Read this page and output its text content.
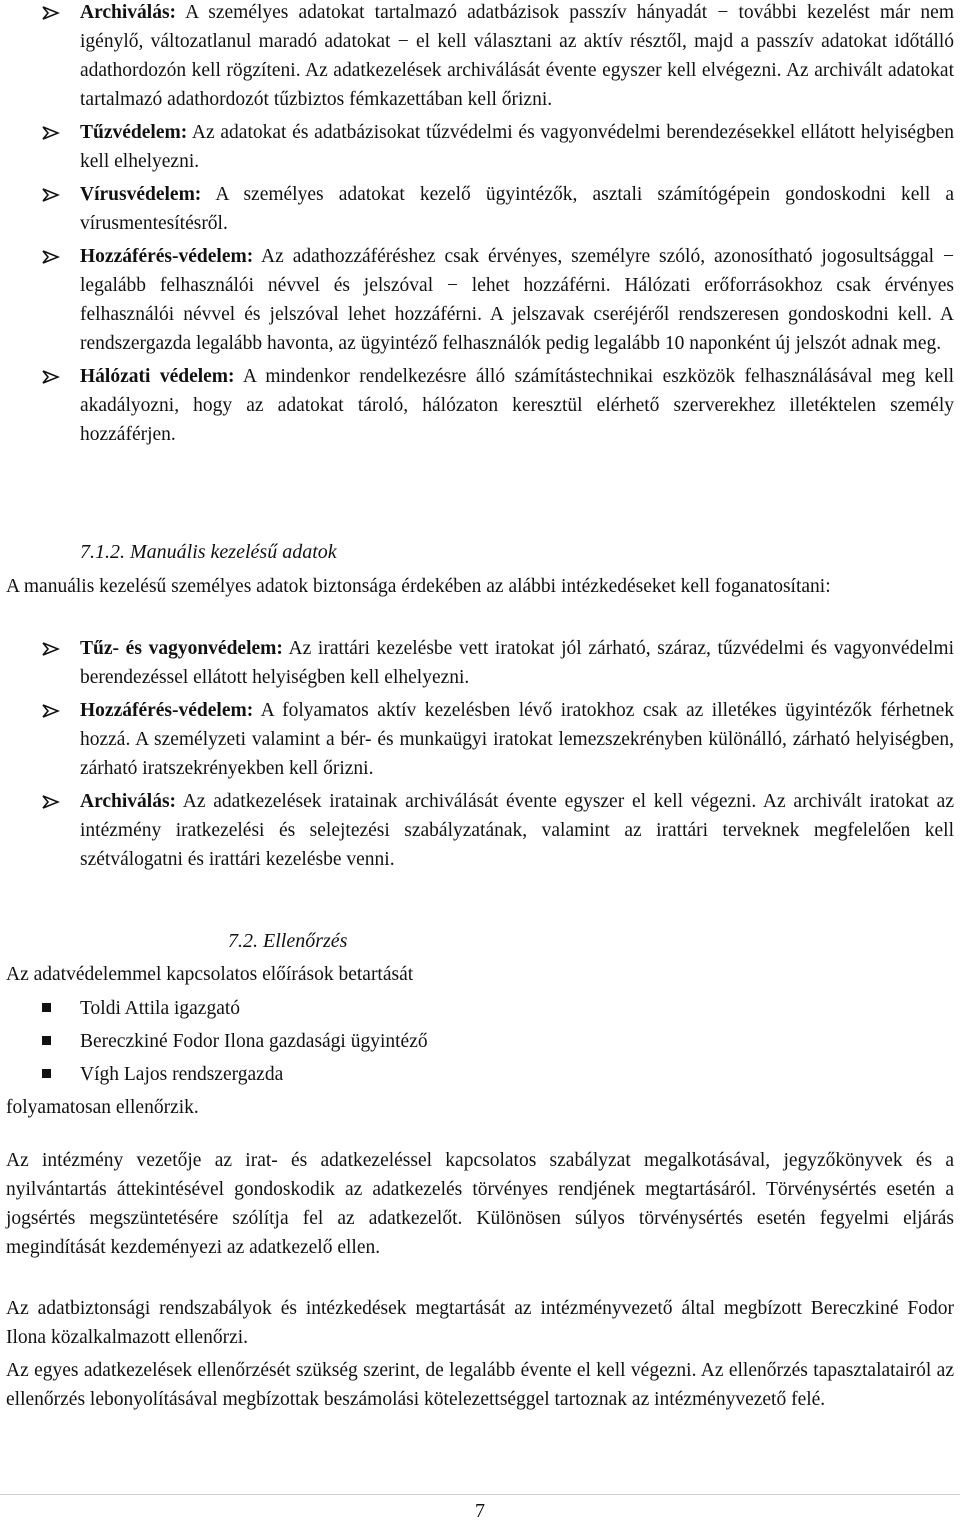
Archiválás: A személyes adatokat tartalmazó adatbázisok passzív hányadát − további kezelést már nem igénylő, változatlanul maradó adatokat − el kell választani az aktív résztől, majd a passzív adatokat időtálló adathordozón kell rögzíteni. Az adatkezelések archiválását évente egyszer kell elvégezni. Az archivált adatokat tartalmazó adathordozót tűzbiztos fémkazettában kell őrizni.
Tűzvédelem: Az adatokat és adatbázisokat tűzvédelmi és vagyonvédelmi berendezésekkel ellátott helyiségben kell elhelyezni.
Vírusvédelem: A személyes adatokat kezelő ügyintézők, asztali számítógépein gondoskodni kell a vírusmentesítésről.
Hozzáférés-védelem: Az adathozzáféréshez csak érvényes, személyre szóló, azonosítható jogosultsággal − legalább felhasználói névvel és jelszóval − lehet hozzáférni. Hálózati erőforrásokhoz csak érvényes felhasználói névvel és jelszóval lehet hozzáférni. A jelszavak cseréjéről rendszeresen gondoskodni kell. A rendszergazda legalább havonta, az ügyintéző felhasználók pedig legalább 10 naponként új jelszót adnak meg.
Hálózati védelem: A mindenkor rendelkezésre álló számítástechnikai eszközök felhasználásával meg kell akadályozni, hogy az adatokat tároló, hálózaton keresztül elérhető szerverekhez illetéktelen személy hozzáférjen.
7.1.2. Manuális kezelésű adatok
A manuális kezelésű személyes adatok biztonsága érdekében az alábbi intézkedéseket kell foganatosítani:
Tűz- és vagyonvédelem: Az irattári kezelésbe vett iratokat jól zárható, száraz, tűzvédelmi és vagyonvédelmi berendezéssel ellátott helyiségben kell elhelyezni.
Hozzáférés-védelem: A folyamatos aktív kezelésben lévő iratokhoz csak az illetékes ügyintézők férhetnek hozzá. A személyzeti valamint a bér- és munkaügyi iratokat lemezszekrényben különálló, zárható helyiségben, zárható iratszekrényekben kell őrizni.
Archiválás: Az adatkezelések iratainak archiválását évente egyszer el kell végezni. Az archivált iratokat az intézmény iratkezelési és selejtezési szabályzatának, valamint az irattári terveknek megfelelően kell szétválogatni és irattári kezelésbe venni.
7.2. Ellenőrzés
Az adatvédelemmel kapcsolatos előírások betartását
Toldi Attila igazgató
Bereczkiné Fodor Ilona gazdasági ügyintéző
Vígh Lajos rendszergazda
folyamatosan ellenőrzik.
Az intézmény vezetője az irat- és adatkezeléssel kapcsolatos szabályzat megalkotásával, jegyzőkönyvek és a nyilvántartás áttekintésével gondoskodik az adatkezelés törvényes rendjének megtartásáról. Törvénysértés esetén a jogsértés megszüntetésére szólítja fel az adatkezelőt. Különösen súlyos törvénysértés esetén fegyelmi eljárás megindítását kezdeményezi az adatkezelő ellen.
Az adatbiztonsági rendszabályok és intézkedések megtartását az intézményvezető által megbízott Bereczkiné Fodor Ilona közalkalmazott ellenőrzi.
Az egyes adatkezelések ellenőrzését szükség szerint, de legalább évente el kell végezni. Az ellenőrzés tapasztalatairól az ellenőrzés lebonyolításával megbízottak beszámolási kötelezettséggel tartoznak az intézményvezető felé.
7
